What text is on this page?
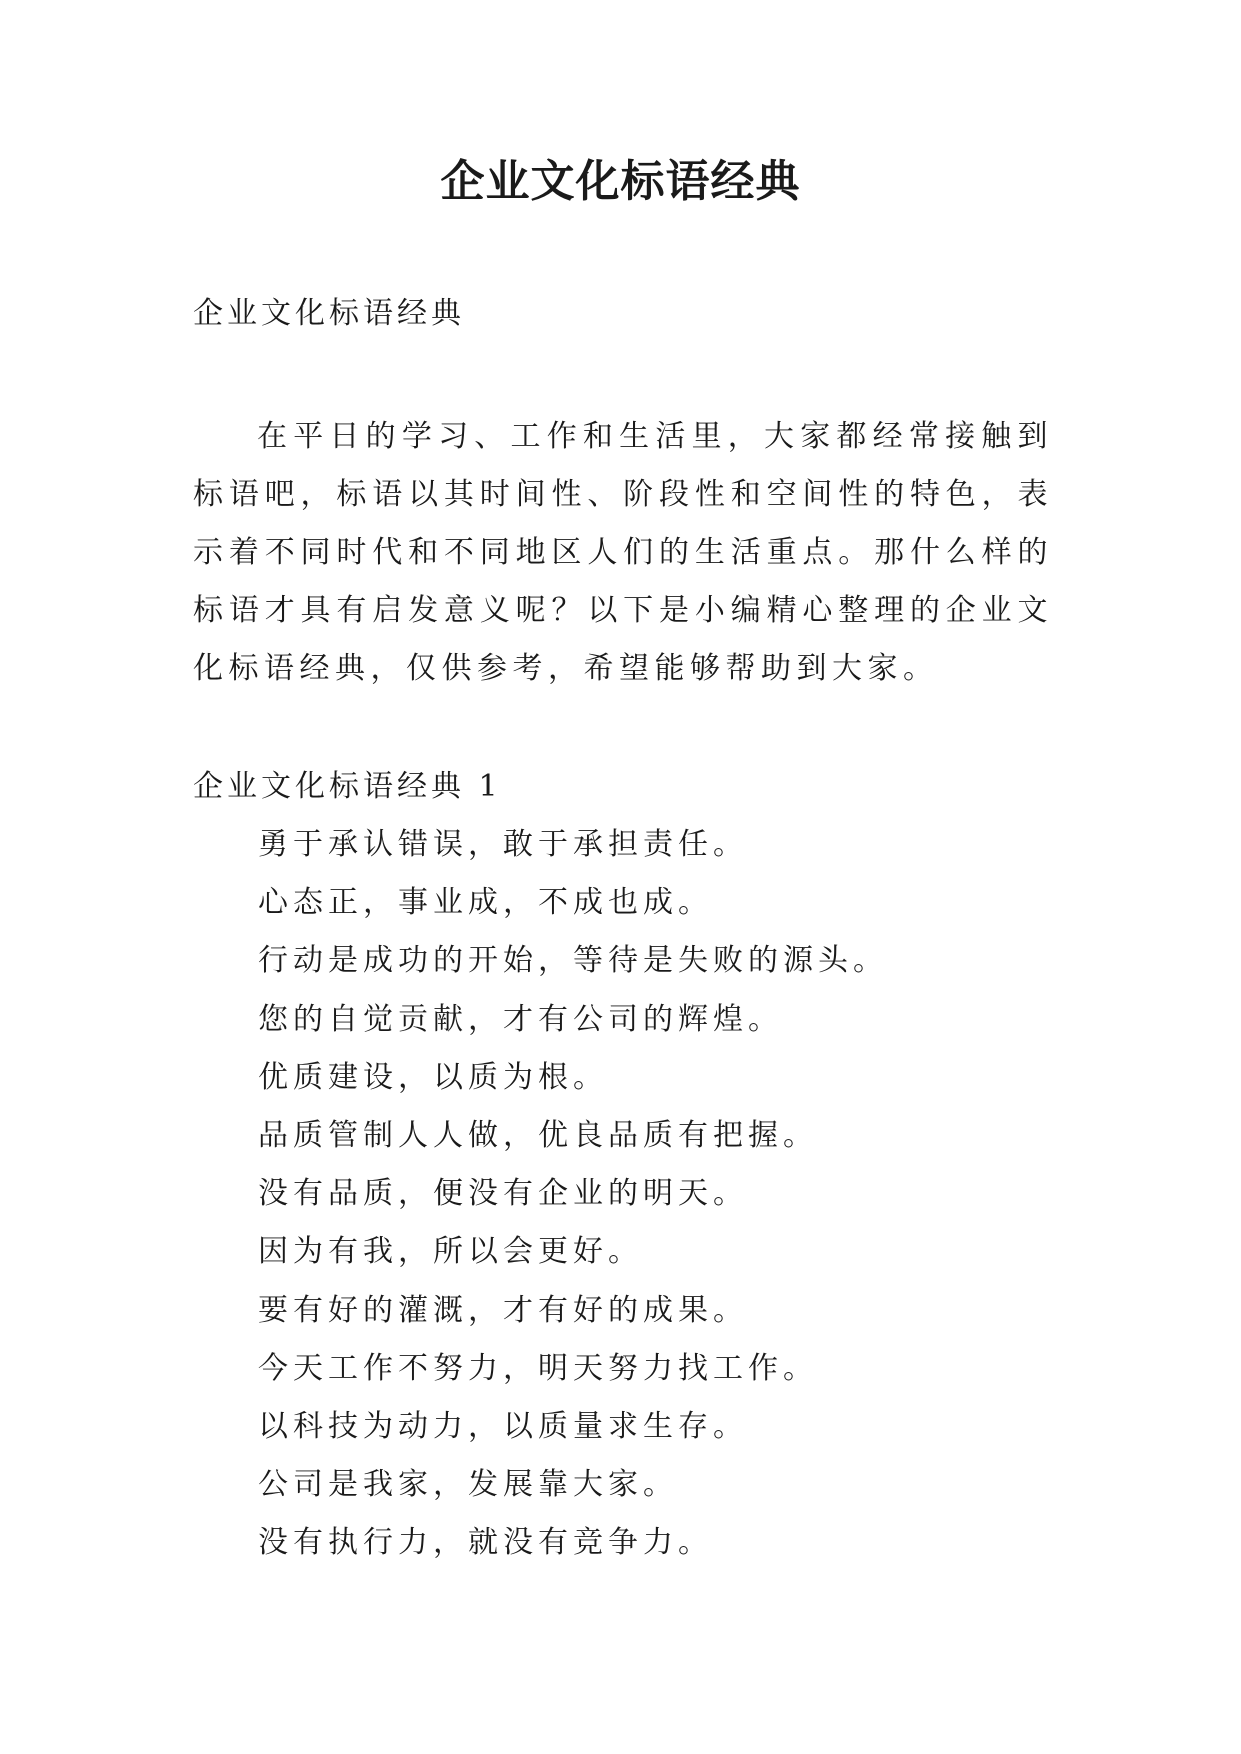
企业文化标语经典
企业文化标语经典

在平日的学习、工作和生活里，大家都经常接触到标语吧，标语以其时间性、阶段性和空间性的特色，表示着不同时代和不同地区人们的生活重点。那什么样的标语才具有启发意义呢？以下是小编精心整理的企业文化标语经典，仅供参考，希望能够帮助到大家。

企业文化标语经典 1
勇于承认错误，敢于承担责任。
心态正，事业成，不成也成。
行动是成功的开始，等待是失败的源头。
您的自觉贡献，才有公司的辉煌。
优质建设，以质为根。
品质管制人人做，优良品质有把握。
没有品质，便没有企业的明天。
因为有我，所以会更好。
要有好的灌溉，才有好的成果。
今天工作不努力，明天努力找工作。
以科技为动力，以质量求生存。
公司是我家，发展靠大家。
没有执行力，就没有竞争力。
